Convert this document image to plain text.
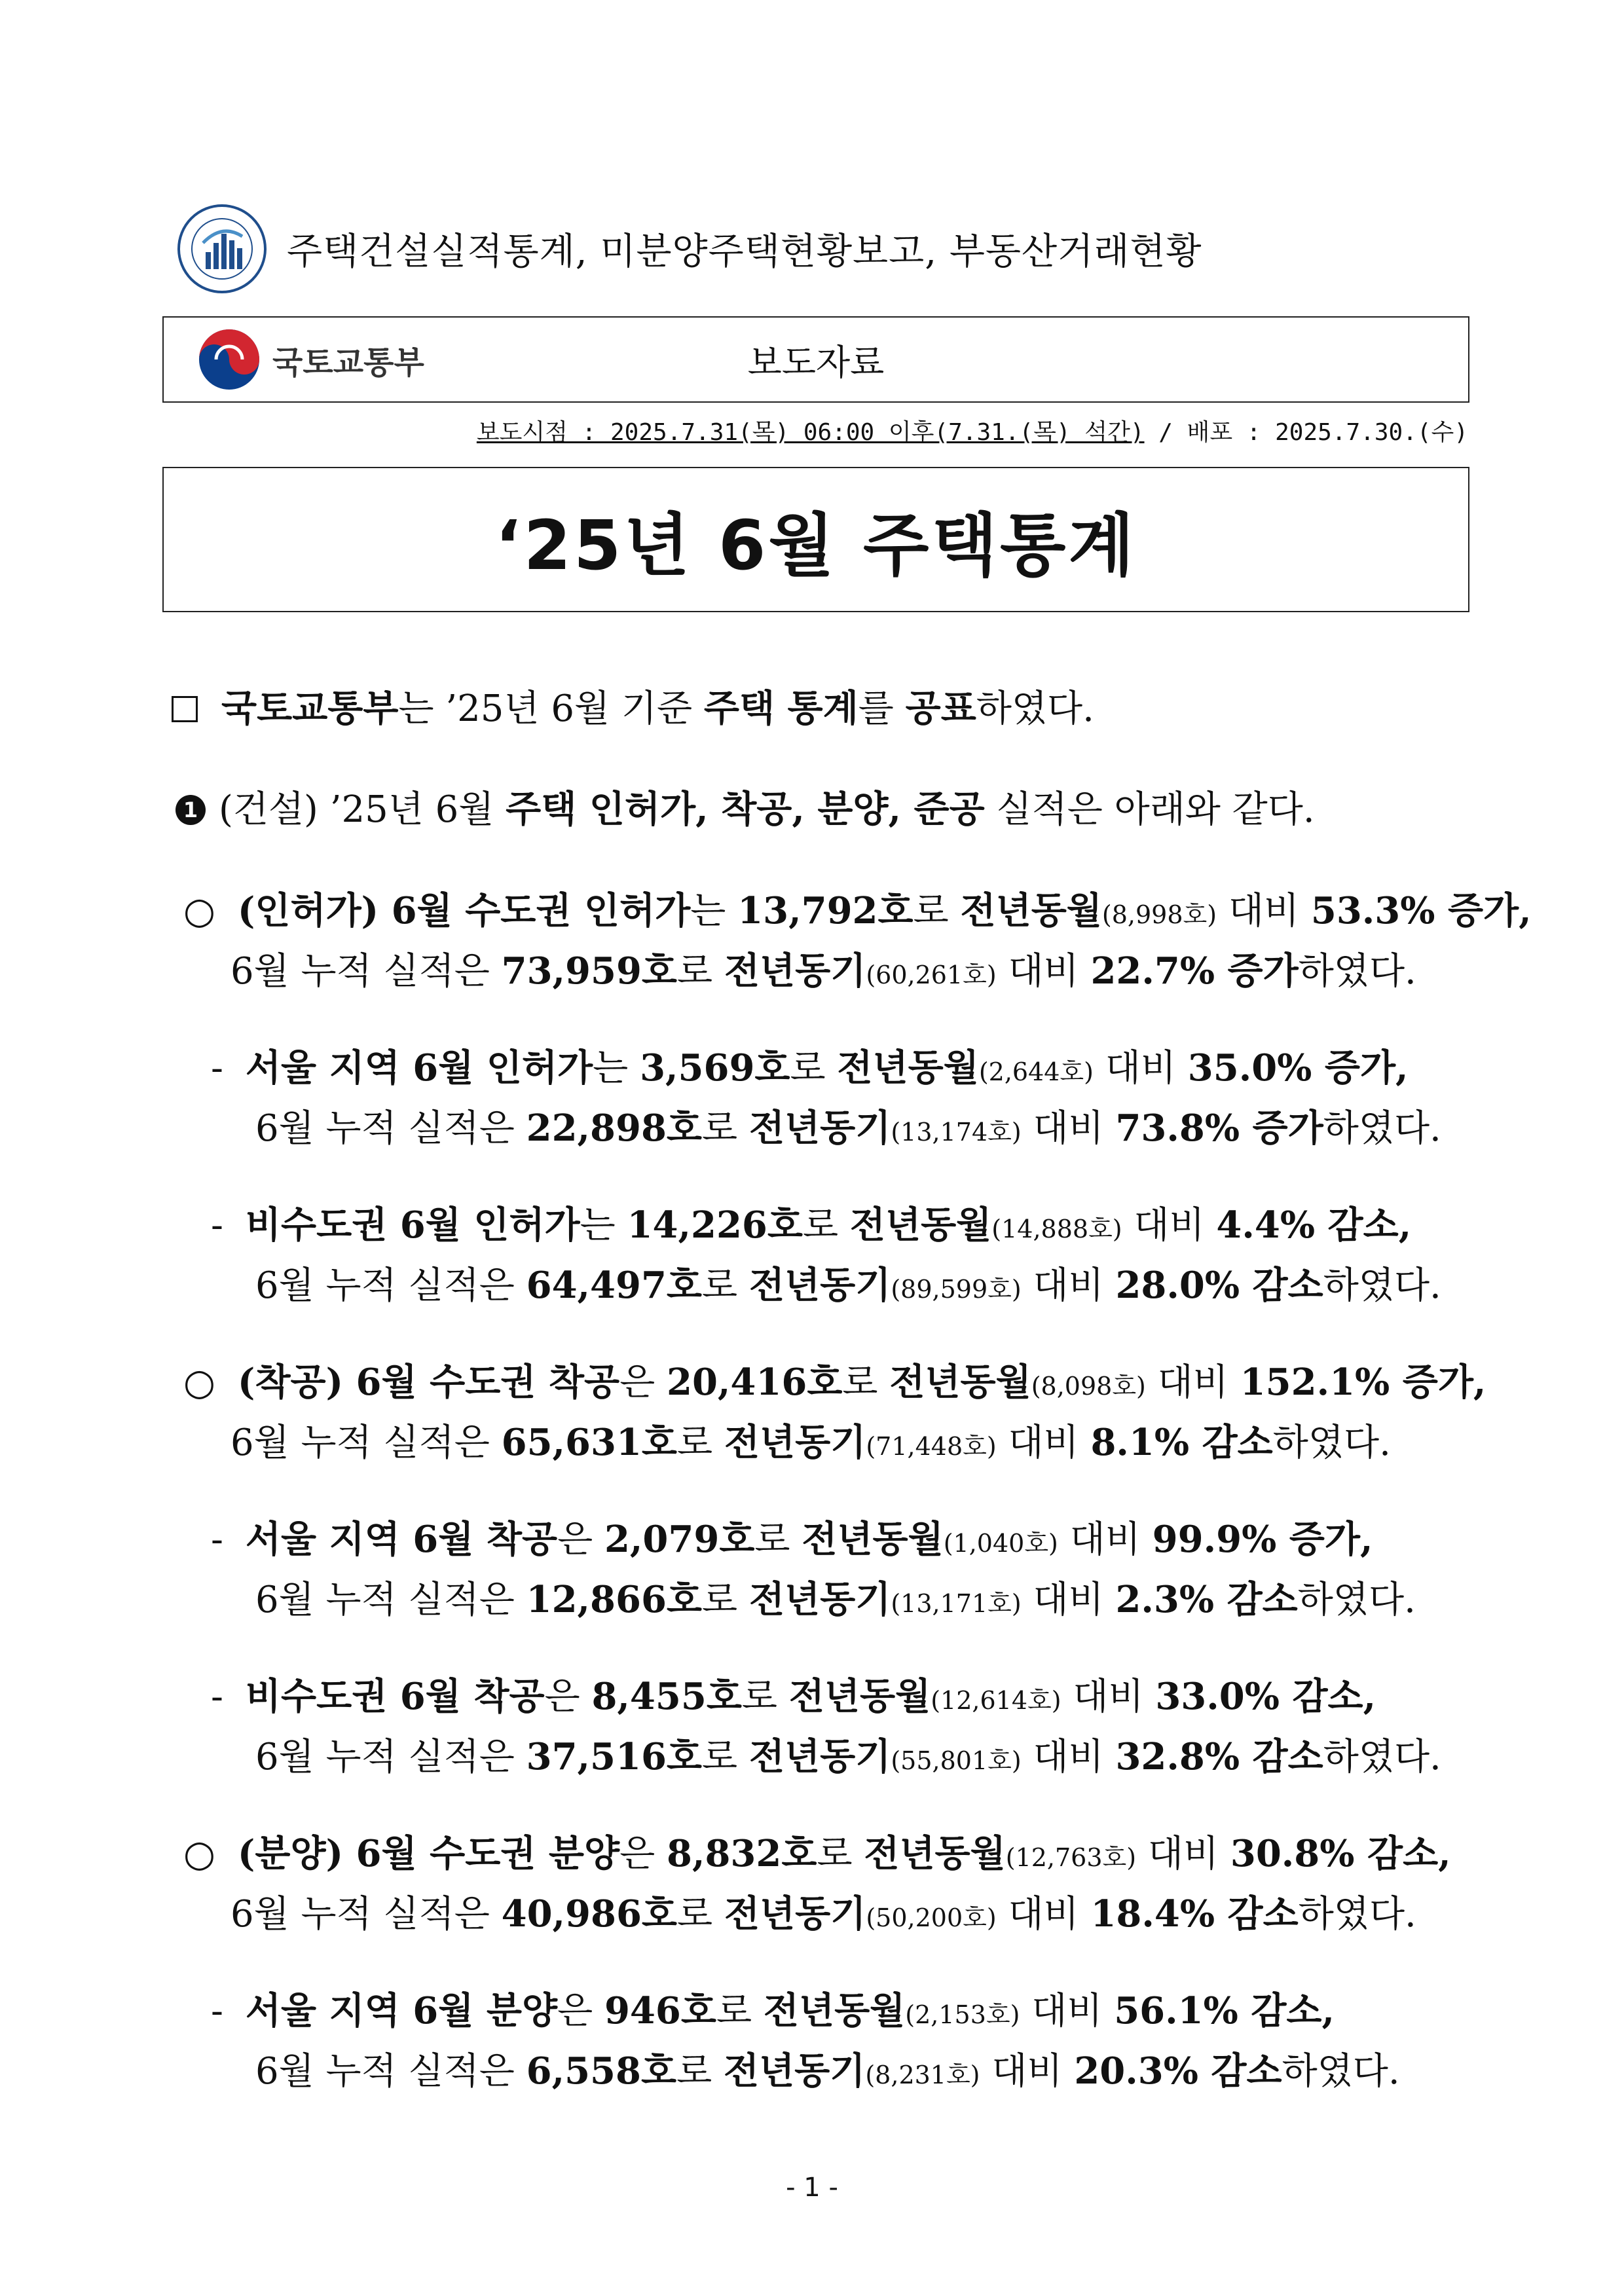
주택건설실적통계, 미분양주택현황보고, 부동산거래현황
보도자료
국토교통부
보도시점 : 2025.7.31(목) 06:00 이후(7.31.(목) 석간) / 배포 : 2025.7.30.(수)
‘25년 6월 주택통계
국토교통부는 ’25년 6월 기준 주택 통계를 공표하였다.
1 (건설) ’25년 6월 주택 인허가, 착공, 분양, 준공 실적은 아래와 같다.
○ (인허가) 6월 수도권 인허가는 13,792호로 전년동월(8,998호) 대비 53.3% 증가,
6월 누적 실적은 73,959호로 전년동기(60,261호) 대비 22.7% 증가하였다.
- 서울 지역 6월 인허가는 3,569호로 전년동월(2,644호) 대비 35.0% 증가,
6월 누적 실적은 22,898호로 전년동기(13,174호) 대비 73.8% 증가하였다.
- 비수도권 6월 인허가는 14,226호로 전년동월(14,888호) 대비 4.4% 감소,
6월 누적 실적은 64,497호로 전년동기(89,599호) 대비 28.0% 감소하였다.
○ (착공) 6월 수도권 착공은 20,416호로 전년동월(8,098호) 대비 152.1% 증가,
6월 누적 실적은 65,631호로 전년동기(71,448호) 대비 8.1% 감소하였다.
- 서울 지역 6월 착공은 2,079호로 전년동월(1,040호) 대비 99.9% 증가,
6월 누적 실적은 12,866호로 전년동기(13,171호) 대비 2.3% 감소하였다.
- 비수도권 6월 착공은 8,455호로 전년동월(12,614호) 대비 33.0% 감소,
6월 누적 실적은 37,516호로 전년동기(55,801호) 대비 32.8% 감소하였다.
○ (분양) 6월 수도권 분양은 8,832호로 전년동월(12,763호) 대비 30.8% 감소,
6월 누적 실적은 40,986호로 전년동기(50,200호) 대비 18.4% 감소하였다.
- 서울 지역 6월 분양은 946호로 전년동월(2,153호) 대비 56.1% 감소,
6월 누적 실적은 6,558호로 전년동기(8,231호) 대비 20.3% 감소하였다.
- 1 -
